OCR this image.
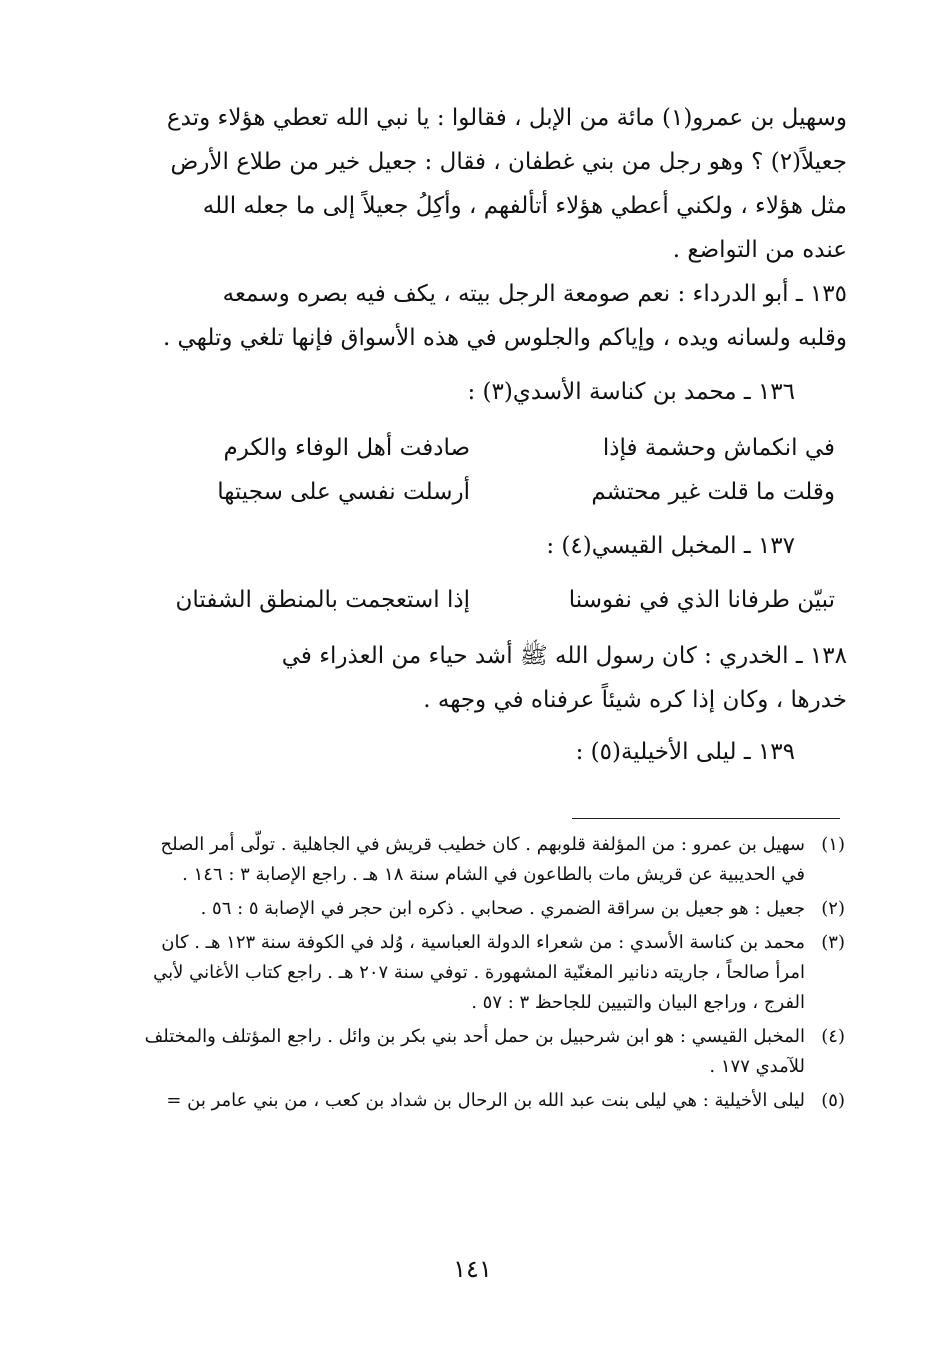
وسهيل بن عمرو(١) مائة من الإبل ، فقالوا : يا نبي الله تعطي هؤلاء وتدع
جعيلاً(٢) ؟ وهو رجل من بني غطفان ، فقال : جعيل خير من طلاع الأرض
مثل هؤلاء ، ولكني أعطي هؤلاء أتألفهم ، وأكِلُ جعيلاً إلى ما جعله الله
عنده من التواضع .
١٣٥ ـ أبو الدرداء : نعم صومعة الرجل بيته ، يكف فيه بصره وسمعه
وقلبه ولسانه ويده ، وإياكم والجلوس في هذه الأسواق فإنها تلغي وتلهي .
١٣٦ ـ محمد بن كناسة الأسدي(٣) :
في انكماش وحشمة فإذا
صادفت أهل الوفاء والكرم
وقلت ما قلت غير محتشم
أرسلت نفسي على سجيتها
١٣٧ ـ المخبل القيسي(٤) :
تبيّن طرفانا الذي في نفوسنا
إذا استعجمت بالمنطق الشفتان
١٣٨ ـ الخدري : كان رسول الله ﷺ أشد حياء من العذراء في
خدرها ، وكان إذا كره شيئاً عرفناه في وجهه .
١٣٩ ـ ليلى الأخيلية(٥) :
(١)
سهيل بن عمرو : من المؤلفة قلوبهم . كان خطيب قريش في الجاهلية . تولّى أمر الصلح في الحديبية عن قريش مات بالطاعون في الشام سنة ١٨ هـ . راجع الإصابة ٣ : ١٤٦ .
(٢)
جعيل : هو جعيل بن سراقة الضمري . صحابي . ذكره ابن حجر في الإصابة ٥ : ٥٦ .
(٣)
محمد بن كناسة الأسدي : من شعراء الدولة العباسية ، وُلد في الكوفة سنة ١٢٣ هـ . كان امرأ صالحاً ، جاريته دنانير المغنّية المشهورة . توفي سنة ٢٠٧ هـ . راجع كتاب الأغاني لأبي الفرج ، وراجع البيان والتبيين للجاحظ ٣ : ٥٧ .
(٤)
المخبل القيسي : هو ابن شرحبيل بن حمل أحد بني بكر بن وائل . راجع المؤتلف والمختلف للآمدي ١٧٧ .
(٥)
ليلى الأخيلية : هي ليلى بنت عبد الله بن الرحال بن شداد بن كعب ، من بني عامر بن =
١٤١
